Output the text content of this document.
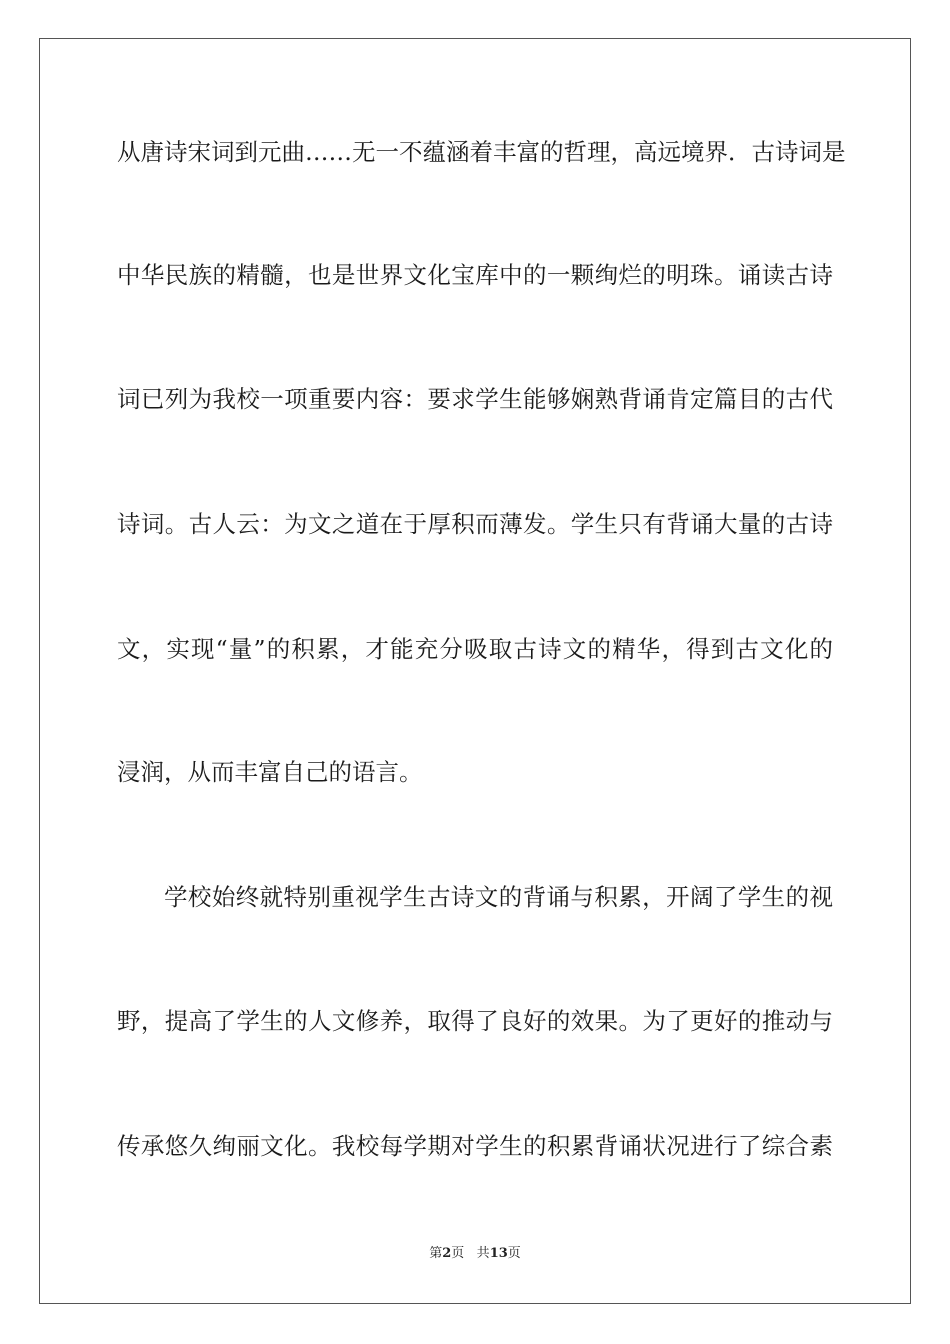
从唐诗宋词到元曲……无一不蕴涵着丰富的哲理，高远境界．古诗词是
中华民族的精髓，也是世界文化宝库中的一颗绚烂的明珠。诵读古诗
词已列为我校一项重要内容：要求学生能够娴熟背诵肯定篇目的古代
诗词。古人云：为文之道在于厚积而薄发。学生只有背诵大量的古诗
文，实现“量”的积累，才能充分吸取古诗文的精华，得到古文化的
浸润，从而丰富自己的语言。
学校始终就特别重视学生古诗文的背诵与积累，开阔了学生的视
野，提高了学生的人文修养，取得了良好的效果。为了更好的推动与
传承悠久绚丽文化。我校每学期对学生的积累背诵状况进行了综合素
第2页 共13页
